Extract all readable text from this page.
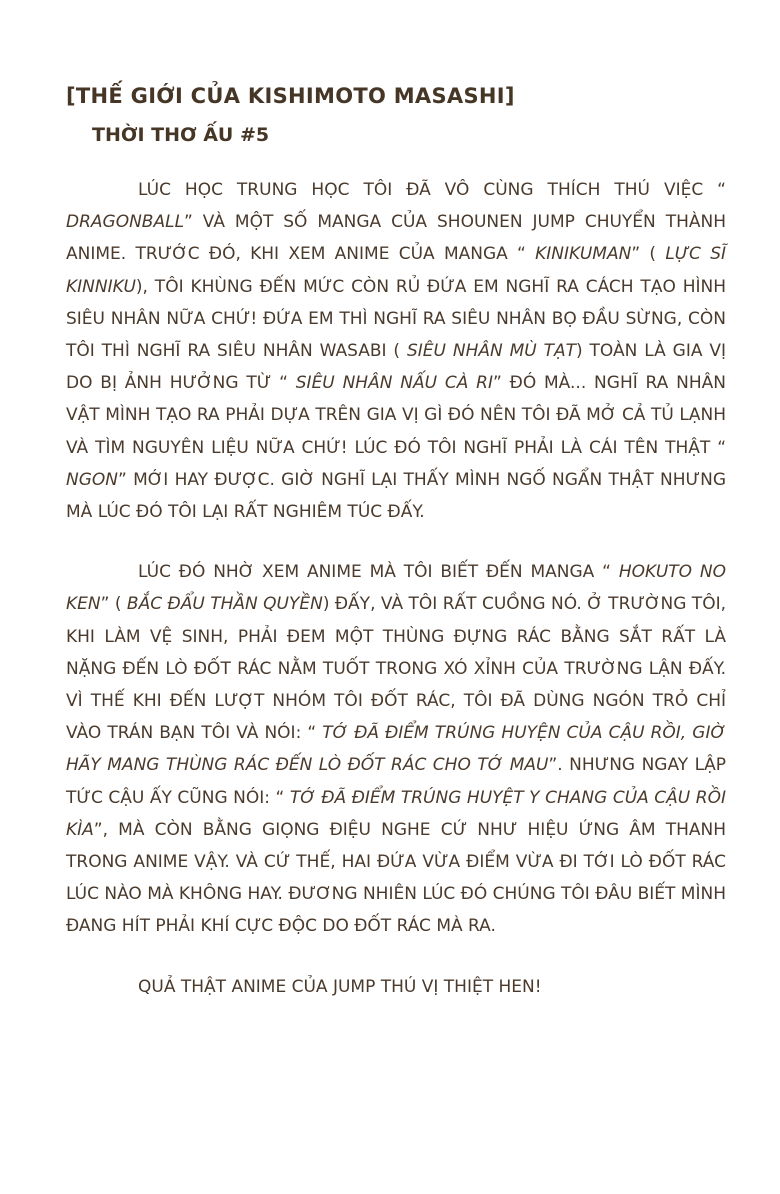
[THẾ GIỚI CỦA KISHIMOTO MASASHI]
THỜI THƠ ẤU #5

LÚC HỌC TRUNG HỌC TÔI ĐÃ VÔ CÙNG THÍCH THÚ VIỆC “ DRAGONBALL” VÀ MỘT SỐ MANGA CỦA SHOUNEN JUMP CHUYỂN THÀNH ANIME. TRƯỚC ĐÓ, KHI XEM ANIME CỦA MANGA “ KINIKUMAN” ( LỰC SĨ KINNIKU), TÔI KHÙNG ĐẾN MỨC CÒN RỦ ĐỨA EM NGHĨ RA CÁCH TẠO HÌNH SIÊU NHÂN NỮA CHỨ! ĐỨA EM THÌ NGHĨ RA SIÊU NHÂN BỌ ĐẦU SỪNG, CÒN TÔI THÌ NGHĨ RA SIÊU NHÂN WASABI ( SIÊU NHÂN MÙ TẠT) TOÀN LÀ GIA VỊ DO BỊ ẢNH HƯỞNG TỪ “ SIÊU NHÂN NẤU CÀ RI” ĐÓ MÀ... NGHĨ RA NHÂN VẬT MÌNH TẠO RA PHẢI DỰA TRÊN GIA VỊ GÌ ĐÓ NÊN TÔI ĐÃ MỞ CẢ TỦ LẠNH VÀ TÌM NGUYÊN LIỆU NỮA CHỨ! LÚC ĐÓ TÔI NGHĨ PHẢI LÀ CÁI TÊN THẬT “ NGON” MỚI HAY ĐƯỢC. GIỜ NGHĨ LẠI THẤY MÌNH NGỐ NGẨN THẬT NHƯNG MÀ LÚC ĐÓ TÔI LẠI RẤT NGHIÊM TÚC ĐẤY.

LÚC ĐÓ NHỜ XEM ANIME MÀ TÔI BIẾT ĐẾN MANGA “ HOKUTO NO KEN” ( BẮC ĐẨU THẦN QUYỀN) ĐẤY, VÀ TÔI RẤT CUỒNG NÓ. Ở TRƯỜNG TÔI, KHI LÀM VỆ SINH, PHẢI ĐEM MỘT THÙNG ĐỰNG RÁC BẰNG SẮT RẤT LÀ NẶNG ĐẾN LÒ ĐỐT RÁC NẰM TUỐT TRONG XÓ XỈNH CỦA TRƯỜNG LẬN ĐẤY. VÌ THẾ KHI ĐẾN LƯỢT NHÓM TÔI ĐỐT RÁC, TÔI ĐÃ DÙNG NGÓN TRỎ CHỈ VÀO TRÁN BẠN TÔI VÀ NÓI: “ TỚ ĐÃ ĐIỂM TRÚNG HUYỆN CỦA CẬU RỒI, GIỜ HÃY MANG THÙNG RÁC ĐẾN LÒ ĐỐT RÁC CHO TỚ MAU”. NHƯNG NGAY LẬP TỨC CẬU ẤY CŨNG NÓI: “ TỚ ĐÃ ĐIỂM TRÚNG HUYỆT Y CHANG CỦA CẬU RỒI KÌA”, MÀ CÒN BẰNG GIỌNG ĐIỆU NGHE CỨ NHƯ HIỆU ỨNG ÂM THANH TRONG ANIME VẬY. VÀ CỨ THẾ, HAI ĐỨA VỪA ĐIỂM VỪA ĐI TỚI LÒ ĐỐT RÁC LÚC NÀO MÀ KHÔNG HAY. ĐƯƠNG NHIÊN LÚC ĐÓ CHÚNG TÔI ĐÂU BIẾT MÌNH ĐANG HÍT PHẢI KHÍ CỰC ĐỘC DO ĐỐT RÁC MÀ RA.

QUẢ THẬT ANIME CỦA JUMP THÚ VỊ THIỆT HEN!
